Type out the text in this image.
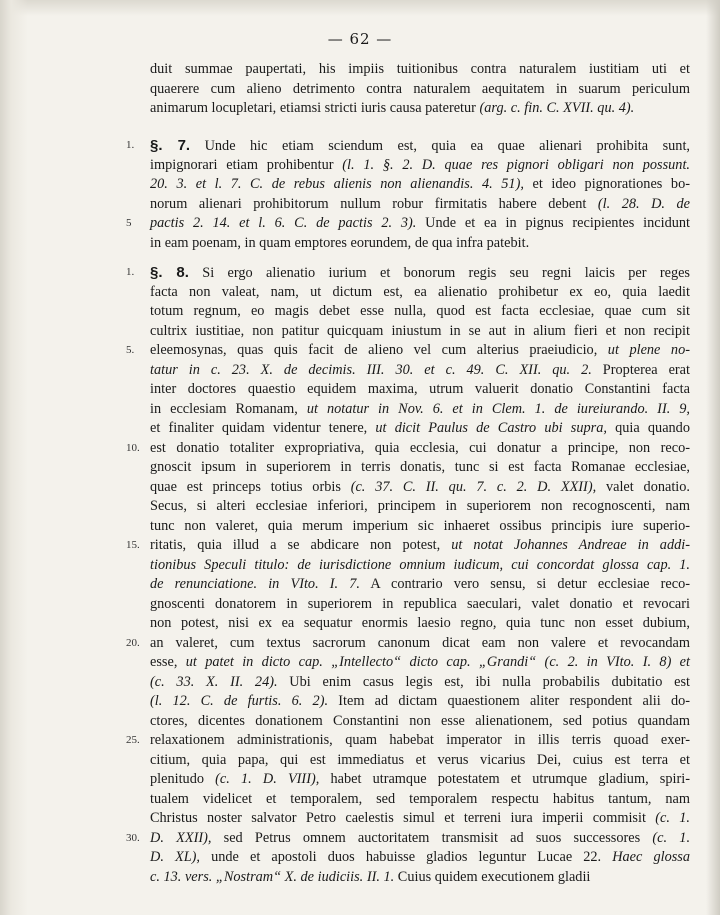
— 62 —
duit summae paupertati, his impiis tuitionibus contra naturalem iustitiam uti et
quaerere cum alieno detrimento contra naturalem aequitatem in suarum periculum
animarum locupletari, etiamsi stricti iuris causa pateretur (arg. c. fin. C. XVII. qu. 4).
1.	§. 7. Unde hic etiam sciendum est, quia ea quae alienari prohibita sunt,
impignorari etiam prohibentur (l. 1. §. 2. D. quae res pignori obligari non possunt.
20. 3. et l. 7. C. de rebus alienis non alienandis. 4. 51), et ideo pignorationes bo-
norum alienari prohibitorum nullum robur firmitatis habere debent (l. 28. D. de
5	pactis 2. 14. et l. 6. C. de pactis 2. 3). Unde et ea in pignus recipientes incidunt
in eam poenam, in quam emptores eorundem, de qua infra patebit.
1.	§. 8. Si ergo alienatio iurium et bonorum regis seu regni laicis per reges
facta non valeat, nam, ut dictum est, ea alienatio prohibetur ex eo, quia laedit
totum regnum, eo magis debet esse nulla, quod est facta ecclesiae, quae cum sit
cultrix iustitiae, non patitur quicquam iniustum in se aut in alium fieri et non recipit
5.	eleemosynas, quas quis facit de alieno vel cum alterius praeiudicio, ut plene no-
tatur in c. 23. X. de decimis. III. 30. et c. 49. C. XII. qu. 2. Propterea erat
inter doctores quaestio equidem maxima, utrum valuerit donatio Constantini facta
in ecclesiam Romanam, ut notatur in Nov. 6. et in Clem. 1. de iureiurando. II. 9,
et finaliter quidam videntur tenere, ut dicit Paulus de Castro ubi supra, quia quando
10. est donatio totaliter expropriativa, quia ecclesia, cui donatur a principe, non reco-
gnoscit ipsum in superiorem in terris donatis, tunc si est facta Romanae ecclesiae,
quae est princeps totius orbis (c. 37. C. II. qu. 7. c. 2. D. XXII), valet donatio.
Secus, si alteri ecclesiae inferiori, principem in superiorem non recognoscenti, nam
tunc non valeret, quia merum imperium sic inhaeret ossibus principis iure superio-
15. ritatis, quia illud a se abdicare non potest, ut notat Johannes Andreae in addi-
tionibus Speculi titulo: de iurisdictione omnium iudicum, cui concordat glossa cap. 1.
de renunciatione. in VIto. I. 7. A contrario vero sensu, si detur ecclesiae reco-
gnoscenti donatorem in superiorem in republica saeculari, valet donatio et revocari
non potest, nisi ex ea sequatur enormis laesio regno, quia tunc non esset dubium,
20. an valeret, cum textus sacrorum canonum dicat eam non valere et revocandam
esse, ut patet in dicto cap. „Intellecto“ dicto cap. „Grandi“ (c. 2. in VIto. I. 8) et
(c. 33. X. II. 24). Ubi enim casus legis est, ibi nulla probabilis dubitatio est
(l. 12. C. de furtis. 6. 2). Item ad dictam quaestionem aliter respondent alii do-
ctores, dicentes donationem Constantini non esse alienationem, sed potius quandam
25. relaxationem administrationis, quam habebat imperator in illis terris quoad exer-
citium, quia papa, qui est immediatus et verus vicarius Dei, cuius est terra et
plenitudo (c. 1. D. VIII), habet utramque potestatem et utrumque gladium, spiri-
tualem videlicet et temporalem, sed temporalem respectu habitus tantum, nam
Christus noster salvator Petro caelestis simul et terreni iura imperii commisit (c. 1.
30. D. XXII), sed Petrus omnem auctoritatem transmisit ad suos successores (c. 1.
D. XL), unde et apostoli duos habuisse gladios leguntur Lucae 22. Haec glossa
c. 13. vers. „Nostram“ X. de iudiciis. II. 1. Cuius quidem executionem gladii
